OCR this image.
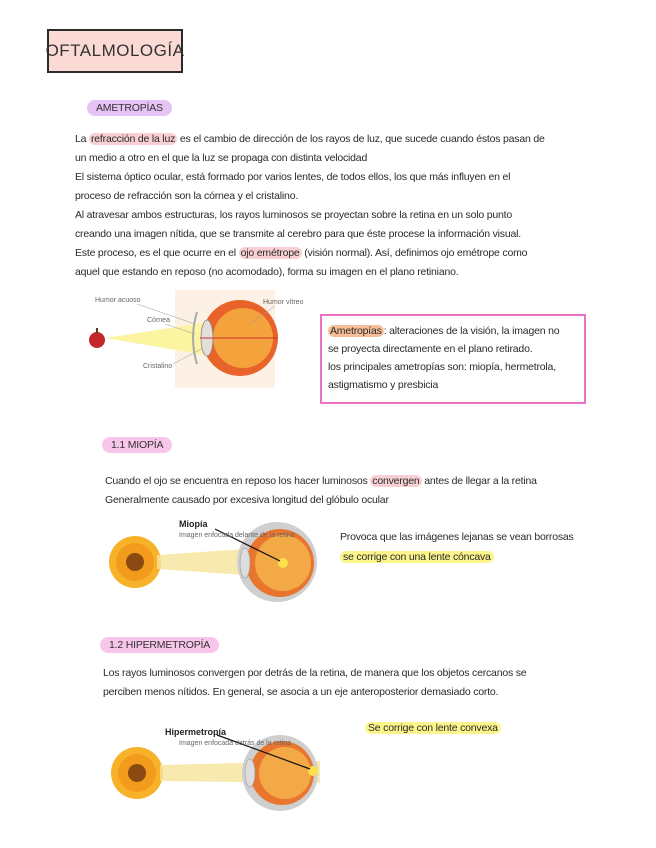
OFTALMOLOGÍA
AMETROPÍAS
La refracción de la luz es el cambio de dirección de los rayos de luz, que sucede cuando éstos pasan de
un medio a otro en el que la luz se propaga con distinta velocidad
El sistema óptico ocular, está formado por varios lentes, de todos ellos, los que más influyen en el
proceso de refracción son la córnea y el cristalino.
Al atravesar ambos estructuras, los rayos luminosos se proyectan sobre la retina en un solo punto
creando una imagen nítida, que se transmite al cerebro para que éste procese la información visual.
Este proceso, es el que ocurre en el ojo emétrope (visión normal). Así, definimos ojo emétrope como
aquel que estando en reposo (no acomodado), forma su imagen en el plano retiniano.
Humor acuoso
Córnea
Cristalino
Humor vítreo
Ametropías : alteraciones de la visión, la imagen no
se proyecta directamente en el plano retirado.
los principales ametropías son: miopía, hermetrola,
astigmatismo y presbicia
1.1 MIOPÍA
Cuando el ojo se encuentra en reposo los hacer luminosos convergen antes de llegar a la retina
Generalmente causado por excesiva longitud del glóbulo ocular
Miopía
Imagen enfocada delante de la retina	Provoca que las imágenes lejanas se vean borrosas
se corrige con una lente cóncava
1.2 HIPERMETROPÍA
Los rayos luminosos convergen por detrás de la retina, de manera que los objetos cercanos se
perciben menos nítidos. En general, se asocia a un eje anteroposterior demasiado corto.
Se corrige con lente convexa
Hipermetropía
Imagen enfocada detrás de la retina
